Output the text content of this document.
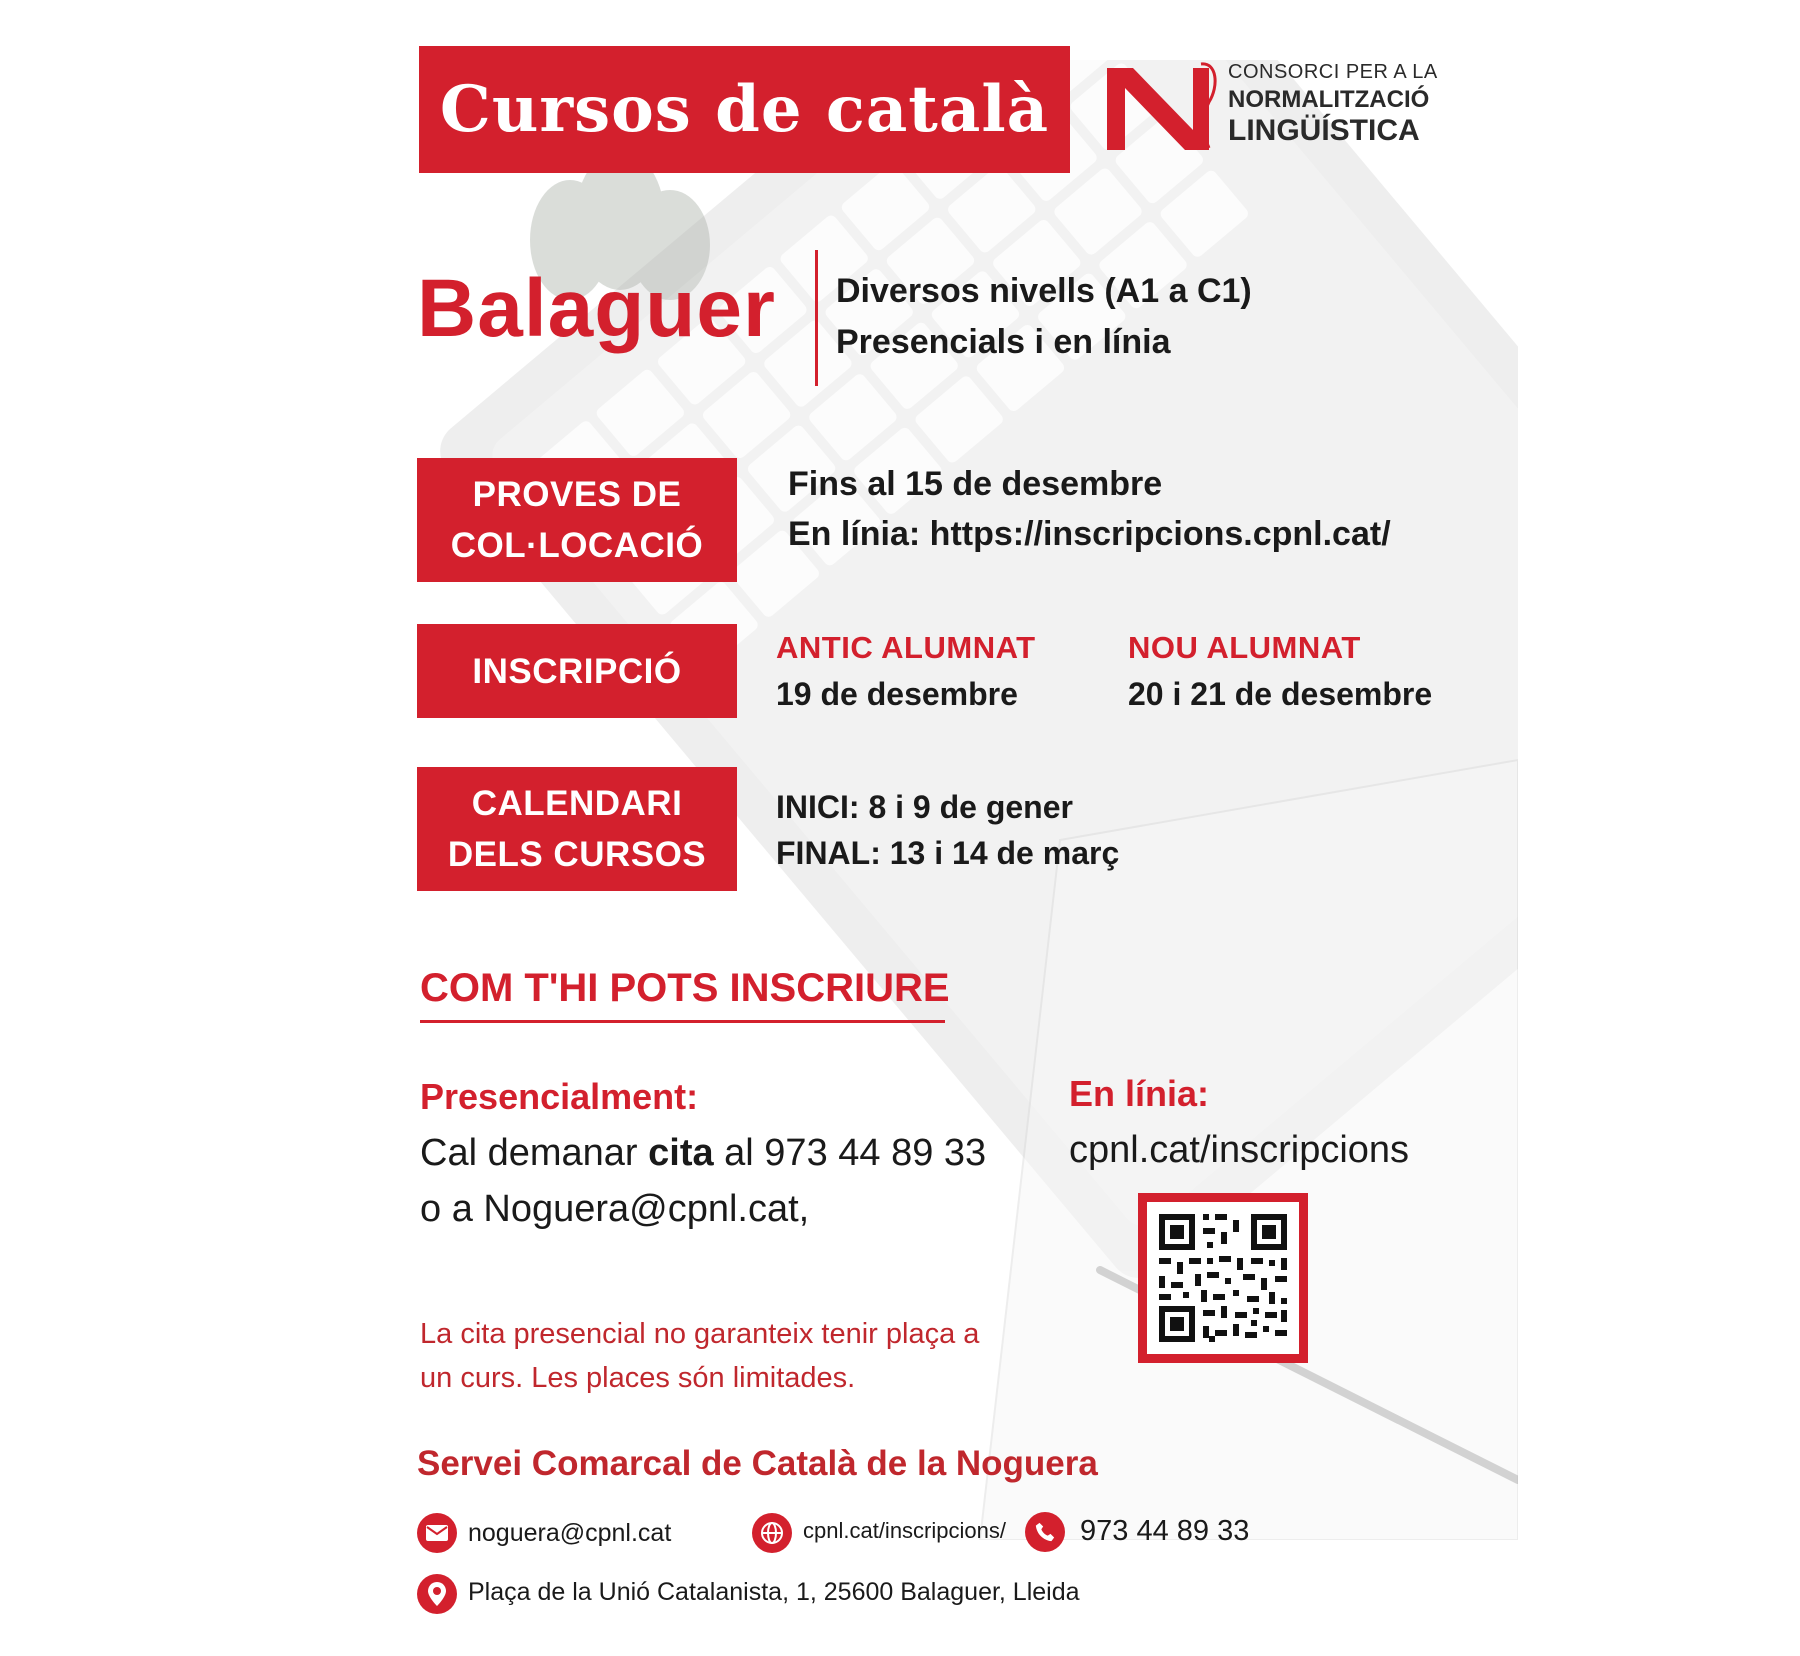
Cursos de català	CONSORCI PER A LA
NORMALITZACIÓ
LINGÜÍSTICA
Balaguer Diversos nivells (A1 a C1)
Presencials i en línia
PROVES DE
COL·LOCACIÓ
Fins al 15 de desembre
En línia: https://inscripcions.cpnl.cat/
INSCRIPCIÓ
ANTIC ALUMNAT
19 de desembre
NOU ALUMNAT
20 i 21 de desembre
CALENDARI
DELS CURSOS
INICI: 8 i 9 de gener
FINAL: 13 i 14 de març
COM T'HI POTS INSCRIURE
Presencialment:
Cal demanar cita al 973 44 89 33
o a Noguera@cpnl.cat,
En línia:
cpnl.cat/inscripcions
La cita presencial no garanteix tenir plaça a
un curs. Les places són limitades.
Servei Comarcal de Català de la Noguera
noguera@cpnl.cat	cpnl.cat/inscripcions/	973 44 89 33
Plaça de la Unió Catalanista, 1, 25600 Balaguer, Lleida
